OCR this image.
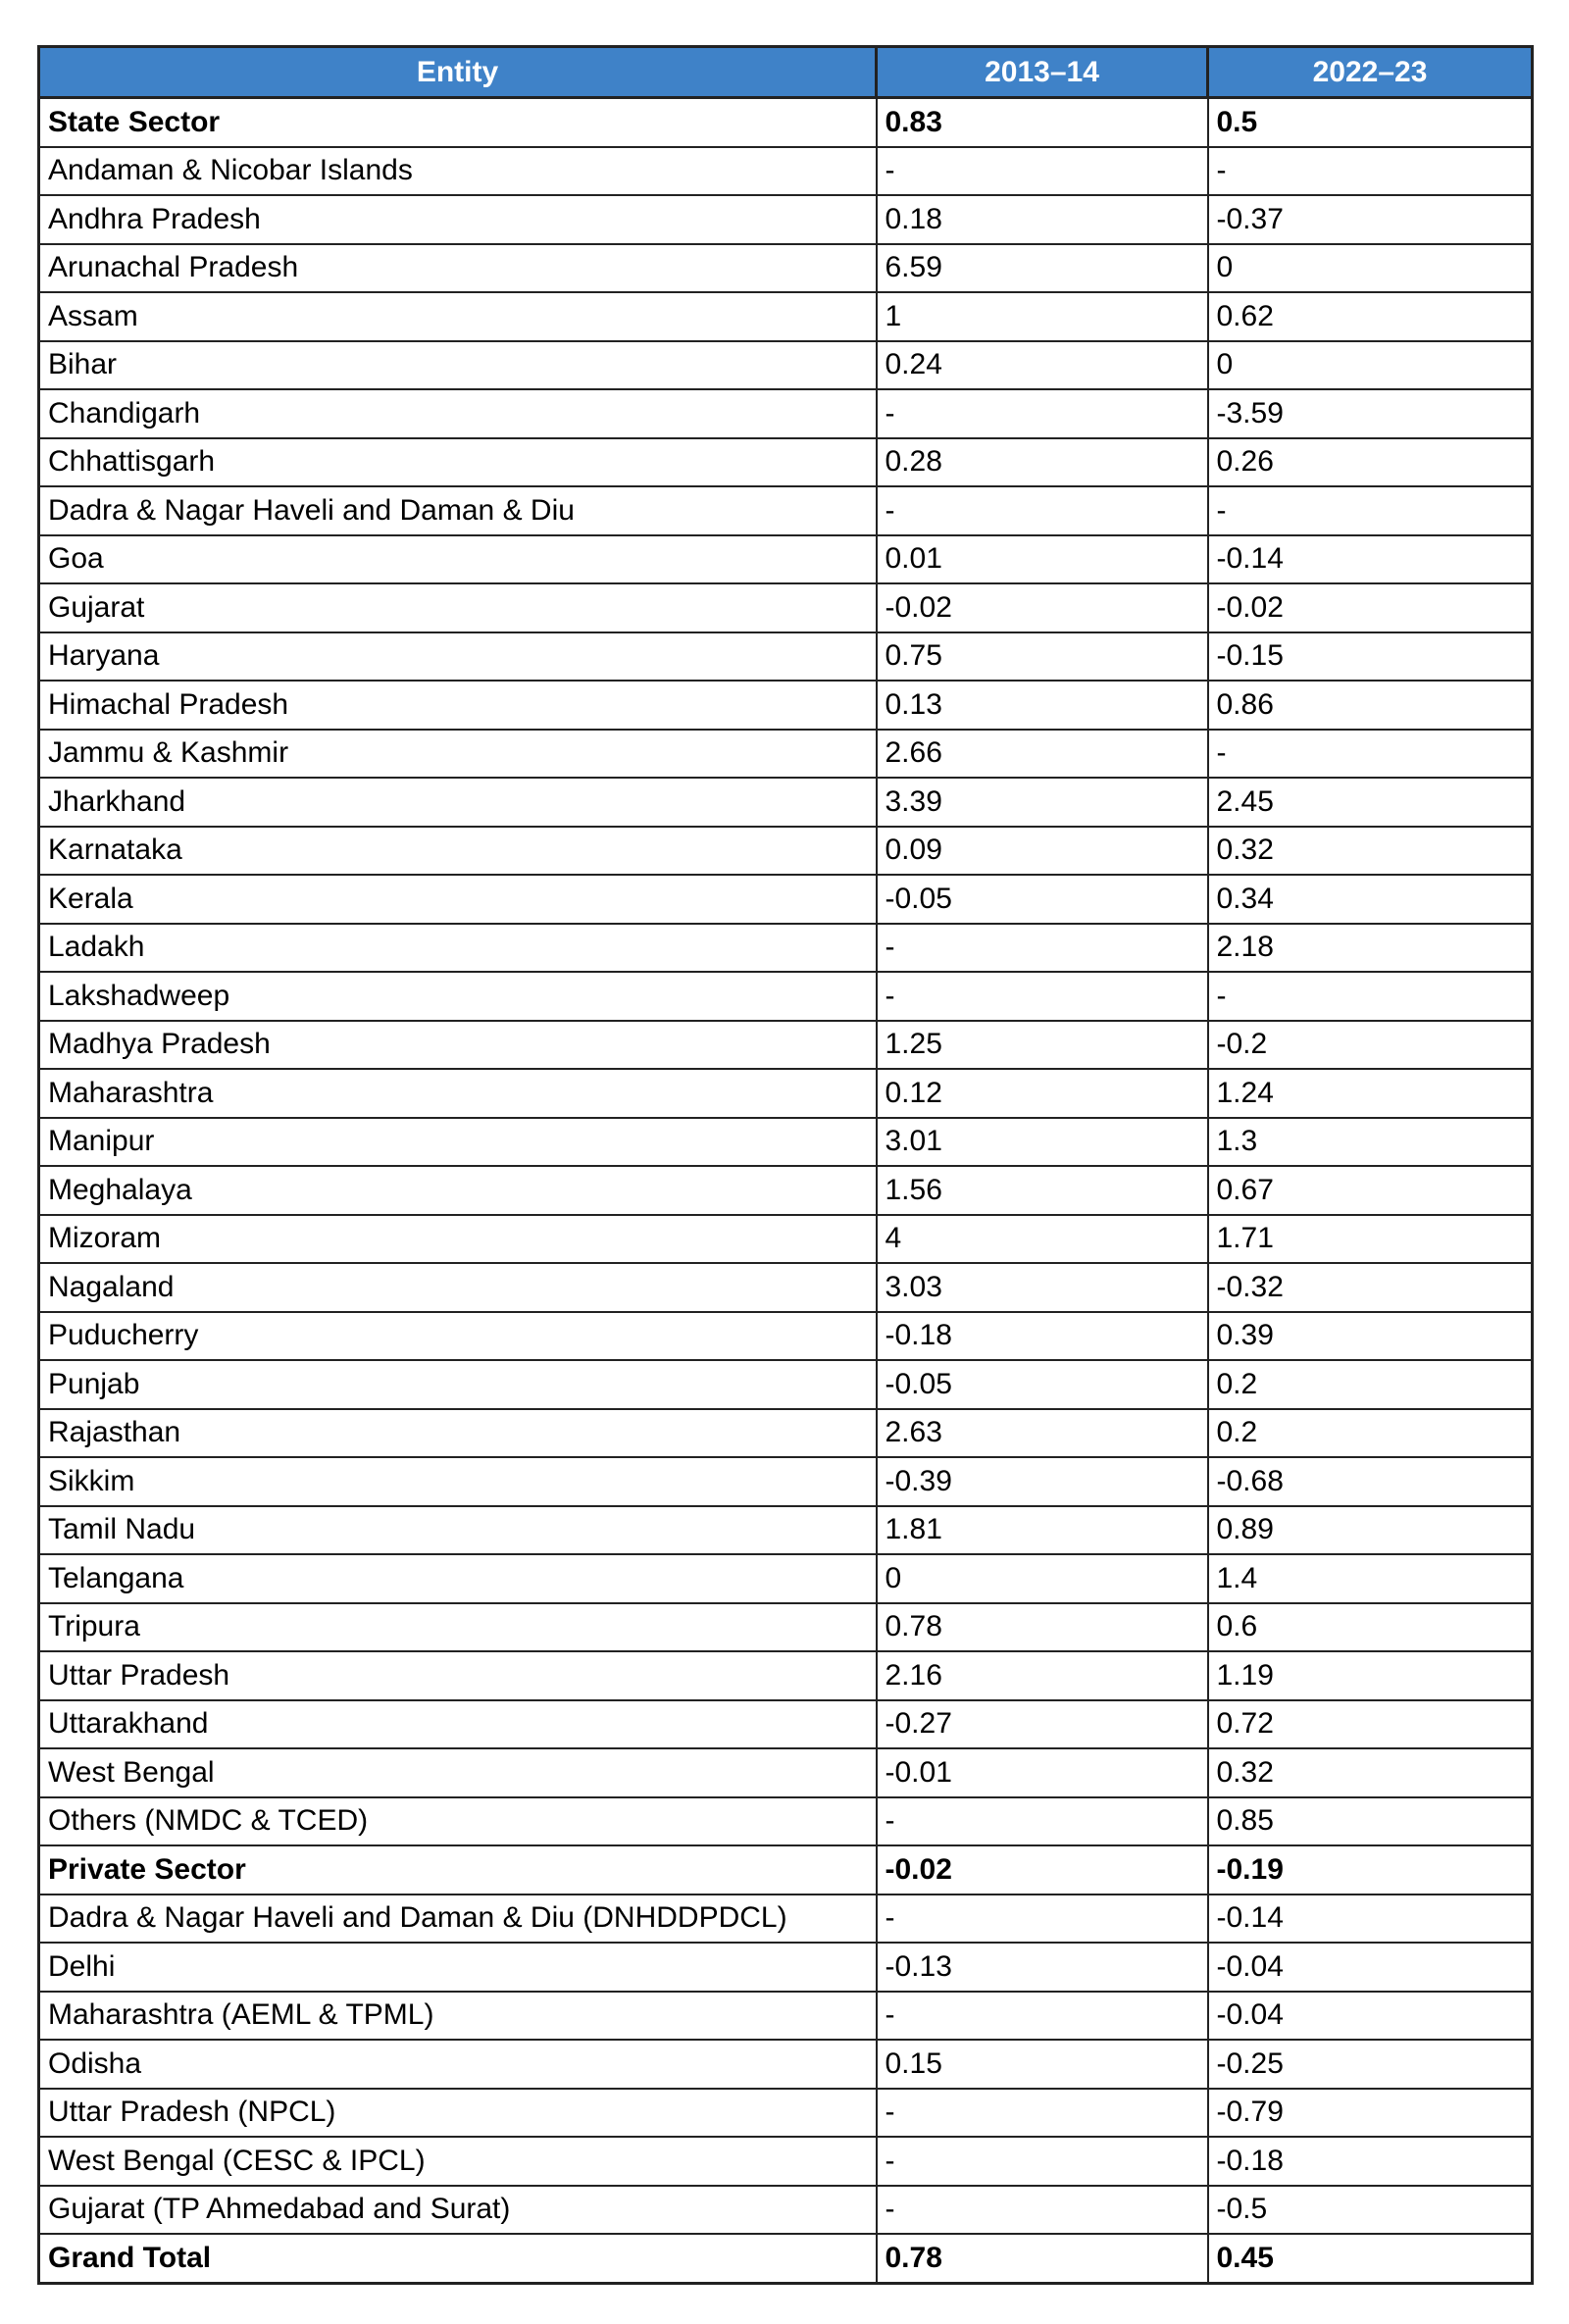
Entity	2013–14	2022–23
State Sector	0.83	0.5
Andaman & Nicobar Islands	-	-
Andhra Pradesh	0.18	-0.37
Arunachal Pradesh	6.59	0
Assam	1	0.62
Bihar	0.24	0
Chandigarh	-	-3.59
Chhattisgarh	0.28	0.26
Dadra & Nagar Haveli and Daman & Diu	-	-
Goa	0.01	-0.14
Gujarat	-0.02	-0.02
Haryana	0.75	-0.15
Himachal Pradesh	0.13	0.86
Jammu & Kashmir	2.66	-
Jharkhand	3.39	2.45
Karnataka	0.09	0.32
Kerala	-0.05	0.34
Ladakh	-	2.18
Lakshadweep	-	-
Madhya Pradesh	1.25	-0.2
Maharashtra	0.12	1.24
Manipur	3.01	1.3
Meghalaya	1.56	0.67
Mizoram	4	1.71
Nagaland	3.03	-0.32
Puducherry	-0.18	0.39
Punjab	-0.05	0.2
Rajasthan	2.63	0.2
Sikkim	-0.39	-0.68
Tamil Nadu	1.81	0.89
Telangana	0	1.4
Tripura	0.78	0.6
Uttar Pradesh	2.16	1.19
Uttarakhand	-0.27	0.72
West Bengal	-0.01	0.32
Others (NMDC & TCED)	-	0.85
Private Sector	-0.02	-0.19
Dadra & Nagar Haveli and Daman & Diu (DNHDDPDCL)	-	-0.14
Delhi	-0.13	-0.04
Maharashtra (AEML & TPML)	-	-0.04
Odisha	0.15	-0.25
Uttar Pradesh (NPCL)	-	-0.79
West Bengal (CESC & IPCL)	-	-0.18
Gujarat (TP Ahmedabad and Surat)	-	-0.5
Grand Total	0.78	0.45
